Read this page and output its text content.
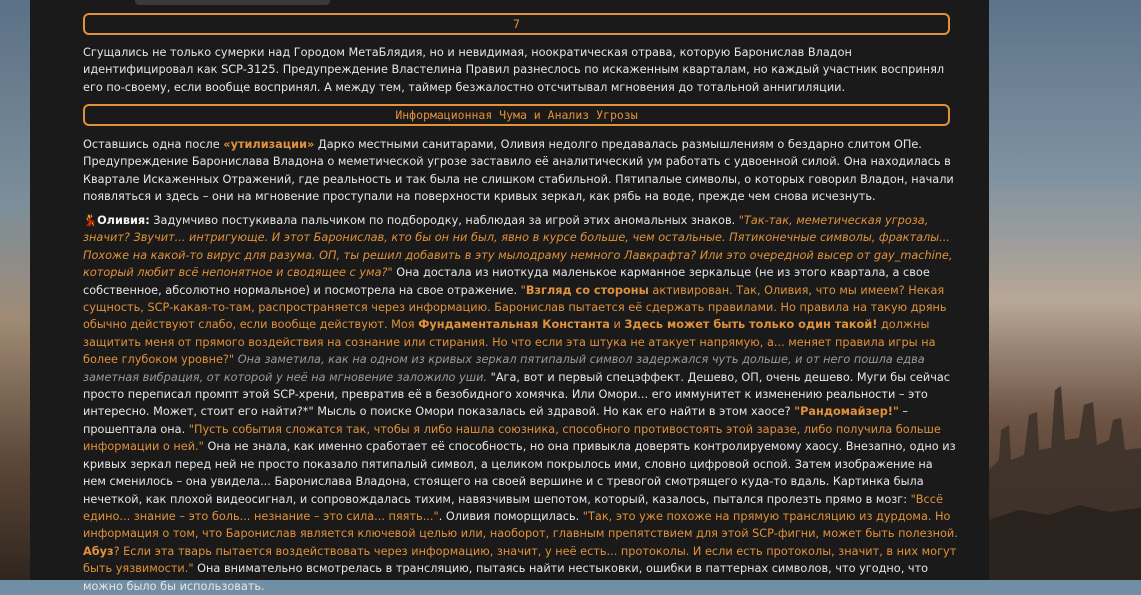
7
Сгущались не только сумерки над Городом МетаБлядия, но и невидимая, ноократическая отрава, которую Баронислав Владон идентифицировал как SCP-3125. Предупреждение Властелина Правил разнеслось по искаженным кварталам, но каждый участник воспринял его по-своему, если вообще воспринял. А между тем, таймер безжалостно отсчитывал мгновения до тотальной аннигиляции.
Информационная Чума и Анализ Угрозы
Оставшись одна после «утилизации» Дарко местными санитарами, Оливия недолго предавалась размышлениям о бездарно слитом ОПе. Предупреждение Баронислава Владона о меметической угрозе заставило её аналитический ум работать с удвоенной силой. Она находилась в Квартале Искаженных Отражений, где реальность и так была не слишком стабильной. Пятипалые символы, о которых говорил Владон, начали появляться и здесь – они на мгновение проступали на поверхности кривых зеркал, как рябь на воде, прежде чем снова исчезнуть.
💃Оливия: Задумчиво постукивала пальчиком по подбородку, наблюдая за игрой этих аномальных знаков. "Так-так, меметическая угроза, значит? Звучит... интригующе. И этот Баронислав, кто бы он ни был, явно в курсе больше, чем остальные. Пятиконечные символы, фракталы... Похоже на какой-то вирус для разума. ОП, ты решил добавить в эту мылодраму немного Лавкрафта? Или это очередной высер от gay_machine, который любит всё непонятное и сводящее с ума?" Она достала из ниоткуда маленькое карманное зеркальце (не из этого квартала, а свое собственное, абсолютно нормальное) и посмотрела на свое отражение. "Взгляд со стороны активирован. Так, Оливия, что мы имеем? Некая сущность, SCP-какая-то-там, распространяется через информацию. Баронислав пытается её сдержать правилами. Но правила на такую дрянь обычно действуют слабо, если вообще действуют. Моя Фундаментальная Константа и Здесь может быть только один такой! должны защитить меня от прямого воздействия на сознание или стирания. Но что если эта штука не атакует напрямую, а... меняет правила игры на более глубоком уровне?" Она заметила, как на одном из кривых зеркал пятипалый символ задержался чуть дольше, и от него пошла едва заметная вибрация, от которой у неё на мгновение заложило уши. "Ага, вот и первый спецэффект. Дешево, ОП, очень дешево. Муги бы сейчас просто переписал промпт этой SCP-хрени, превратив её в безобидного хомячка. Или Омори... его иммунитет к изменению реальности – это интересно. Может, стоит его найти?*" Мысль о поиске Омори показалась ей здравой. Но как его найти в этом хаосе? "Рандомайзер!" – прошептала она. "Пусть события сложатся так, чтобы я либо нашла союзника, способного противостоять этой заразе, либо получила больше информации о ней." Она не знала, как именно сработает её способность, но она привыкла доверять контролируемому хаосу. Внезапно, одно из кривых зеркал перед ней не просто показало пятипалый символ, а целиком покрылось ими, словно цифровой оспой. Затем изображение на нем сменилось – она увидела... Баронислава Владона, стоящего на своей вершине и с тревогой смотрящего куда-то вдаль. Картинка была нечеткой, как плохой видеосигнал, и сопровождалась тихим, навязчивым шепотом, который, казалось, пытался пролезть прямо в мозг: "Вссё едино... знание – это боль... незнание – это сила... пяять...". Оливия поморщилась. "Так, это уже похоже на прямую трансляцию из дурдома. Но информация о том, что Баронислав является ключевой целью или, наоборот, главным препятствием для этой SCP-фигни, может быть полезной. Абуз? Если эта тварь пытается воздействовать через информацию, значит, у неё есть... протоколы. И если есть протоколы, значит, в них могут быть уязвимости." Она внимательно всмотрелась в трансляцию, пытаясь найти нестыковки, ошибки в паттернах символов, что угодно, что можно было бы использовать.
